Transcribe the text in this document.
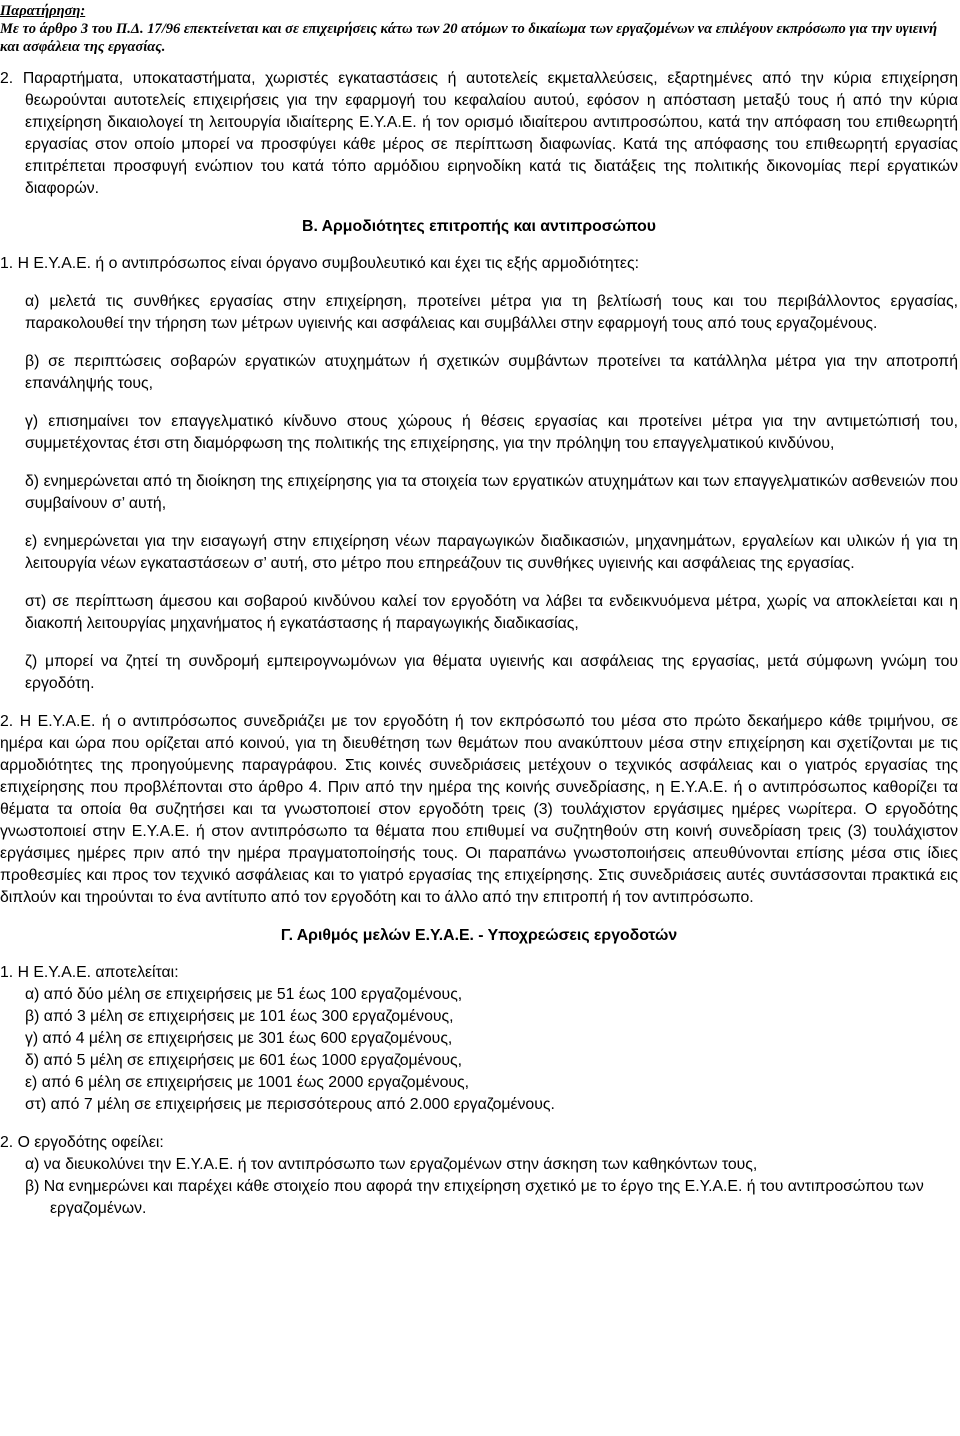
Παρατήρηση:
Με το άρθρο 3 του Π.Δ. 17/96 επεκτείνεται και σε επιχειρήσεις κάτω των 20 ατόμων το δικαίωμα των εργαζομένων να επιλέγουν εκπρόσωπο για την υγιεινή και ασφάλεια της εργασίας.

2. Παραρτήματα, υποκαταστήματα, χωριστές εγκαταστάσεις ή αυτοτελείς εκμεταλλεύσεις, εξαρτημένες από την κύρια επιχείρηση θεωρούνται αυτοτελείς επιχειρήσεις για την εφαρμογή του κεφαλαίου αυτού, εφόσον η απόσταση μεταξύ τους ή από την κύρια επιχείρηση δικαιολογεί τη λειτουργία ιδιαίτερης Ε.Υ.Α.Ε. ή τον ορισμό ιδιαίτερου αντιπροσώπου, κατά την απόφαση του επιθεωρητή εργασίας στον οποίο μπορεί να προσφύγει κάθε μέρος σε περίπτωση διαφωνίας. Κατά της απόφασης του επιθεωρητή εργασίας επιτρέπεται προσφυγή ενώπιον του κατά τόπο αρμόδιου ειρηνοδίκη κατά τις διατάξεις της πολιτικής δικονομίας περί εργατικών διαφορών.

Β. Αρμοδιότητες επιτροπής και αντιπροσώπου

1. Η Ε.Υ.Α.Ε. ή ο αντιπρόσωπος είναι όργανο συμβουλευτικό και έχει τις εξής αρμοδιότητες:

α) μελετά τις συνθήκες εργασίας στην επιχείρηση, προτείνει μέτρα για τη βελτίωσή τους και του περιβάλλοντος εργασίας, παρακολουθεί την τήρηση των μέτρων υγιεινής και ασφάλειας και συμβάλλει στην εφαρμογή τους από τους εργαζομένους.

β) σε περιπτώσεις σοβαρών εργατικών ατυχημάτων ή σχετικών συμβάντων προτείνει τα κατάλληλα μέτρα για την αποτροπή επανάληψής τους,

γ) επισημαίνει τον επαγγελματικό κίνδυνο στους χώρους ή θέσεις εργασίας και προτείνει μέτρα για την αντιμετώπισή του, συμμετέχοντας έτσι στη διαμόρφωση της πολιτικής της επιχείρησης, για την πρόληψη του επαγγελματικού κινδύνου,

δ) ενημερώνεται από τη διοίκηση της επιχείρησης για τα στοιχεία των εργατικών ατυχημάτων και των επαγγελματικών ασθενειών που συμβαίνουν σ’ αυτή,

ε) ενημερώνεται για την εισαγωγή στην επιχείρηση νέων παραγωγικών διαδικασιών, μηχανημάτων, εργαλείων και υλικών ή για τη λειτουργία νέων εγκαταστάσεων σ’ αυτή, στο μέτρο που επηρεάζουν τις συνθήκες υγιεινής και ασφάλειας της εργασίας.

στ) σε περίπτωση άμεσου και σοβαρού κινδύνου καλεί τον εργοδότη να λάβει τα ενδεικνυόμενα μέτρα, χωρίς να αποκλείεται και η διακοπή λειτουργίας μηχανήματος ή εγκατάστασης ή παραγωγικής διαδικασίας,

ζ) μπορεί να ζητεί τη συνδρομή εμπειρογνωμόνων για θέματα υγιεινής και ασφάλειας της εργασίας, μετά σύμφωνη γνώμη του εργοδότη.

2. Η Ε.Υ.Α.Ε. ή ο αντιπρόσωπος συνεδριάζει με τον εργοδότη ή τον εκπρόσωπό του μέσα στο πρώτο δεκαήμερο κάθε τριμήνου, σε ημέρα και ώρα που ορίζεται από κοινού, για τη διευθέτηση των θεμάτων που ανακύπτουν μέσα στην επιχείρηση και σχετίζονται με τις αρμοδιότητες της προηγούμενης παραγράφου. Στις κοινές συνεδριάσεις μετέχουν ο τεχνικός ασφάλειας και ο γιατρός εργασίας της επιχείρησης που προβλέπονται στο άρθρο 4. Πριν από την ημέρα της κοινής συνεδρίασης, η Ε.Υ.Α.Ε. ή ο αντιπρόσωπος καθορίζει τα θέματα τα οποία θα συζητήσει και τα γνωστοποιεί στον εργοδότη τρεις (3) τουλάχιστον εργάσιμες ημέρες νωρίτερα. Ο εργοδότης γνωστοποιεί στην Ε.Υ.Α.Ε. ή στον αντιπρόσωπο τα θέματα που επιθυμεί να συζητηθούν στη κοινή συνεδρίαση τρεις (3) τουλάχιστον εργάσιμες ημέρες πριν από την ημέρα πραγματοποίησής τους. Οι παραπάνω γνωστοποιήσεις απευθύνονται επίσης μέσα στις ίδιες προθεσμίες και προς τον τεχνικό ασφάλειας και το γιατρό εργασίας της επιχείρησης. Στις συνεδριάσεις αυτές συντάσσονται πρακτικά εις διπλούν και τηρούνται το ένα αντίτυπο από τον εργοδότη και το άλλο από την επιτροπή ή τον αντιπρόσωπο.

Γ. Αριθμός μελών Ε.Υ.Α.Ε. - Υποχρεώσεις εργοδοτών

1. Η Ε.Υ.Α.Ε. αποτελείται:

α) από δύο μέλη σε επιχειρήσεις με 51 έως 100 εργαζομένους,
β) από 3 μέλη σε επιχειρήσεις με 101 έως 300 εργαζομένους,
γ) από 4 μέλη σε επιχειρήσεις με 301 έως 600 εργαζομένους,
δ) από 5 μέλη σε επιχειρήσεις με 601 έως 1000 εργαζομένους,
ε) από 6 μέλη σε επιχειρήσεις με 1001 έως 2000 εργαζομένους,
στ) από 7 μέλη σε επιχειρήσεις με περισσότερους από 2.000 εργαζομένους.

2. Ο εργοδότης οφείλει:

α) να διευκολύνει την Ε.Υ.Α.Ε. ή τον αντιπρόσωπο των εργαζομένων στην άσκηση των καθηκόντων τους,
β) Να ενημερώνει και παρέχει κάθε στοιχείο που αφορά την επιχείρηση σχετικό με το έργο της Ε.Υ.Α.Ε. ή του αντιπροσώπου των εργαζομένων.
